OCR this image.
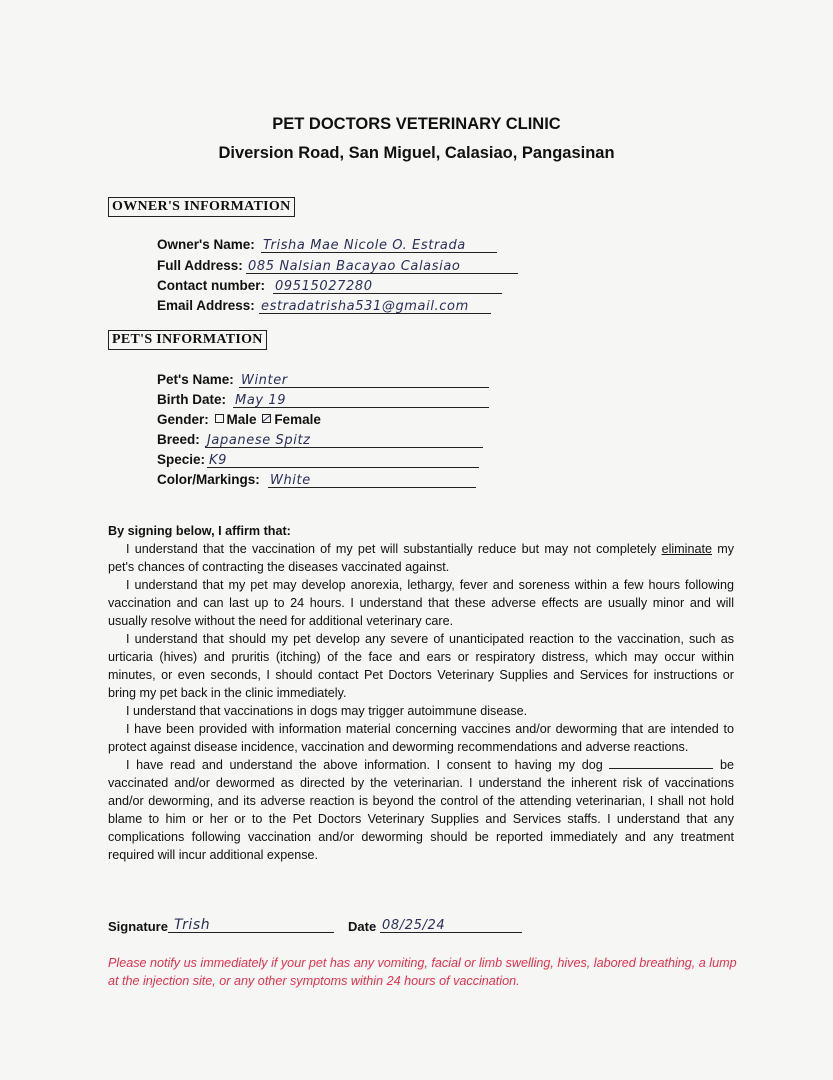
PET DOCTORS VETERINARY CLINIC
Diversion Road, San Miguel, Calasiao, Pangasinan
OWNER'S INFORMATION
Owner's Name: Trisha Mae Nicole O. Estrada
Full Address: 085 Nalsian Bacayao Calasiao
Contact number: 09515027280
Email Address: estradatrisha531@gmail.com
PET'S INFORMATION
Pet's Name: Winter
Birth Date: May 19
Gender: Male Female
Breed: Japanese Spitz
Specie: K9
Color/Markings: White

By signing below, I affirm that:

I understand that the vaccination of my pet will substantially reduce but may not completely eliminate my pet's chances of contracting the diseases vaccinated against.

I understand that my pet may develop anorexia, lethargy, fever and soreness within a few hours following vaccination and can last up to 24 hours. I understand that these adverse effects are usually minor and will usually resolve without the need for additional veterinary care.

I understand that should my pet develop any severe of unanticipated reaction to the vaccination, such as urticaria (hives) and pruritis (itching) of the face and ears or respiratory distress, which may occur within minutes, or even seconds, I should contact Pet Doctors Veterinary Supplies and Services for instructions or bring my pet back in the clinic immediately.

I understand that vaccinations in dogs may trigger autoimmune disease.

I have been provided with information material concerning vaccines and/or deworming that are intended to protect against disease incidence, vaccination and deworming recommendations and adverse reactions.

I have read and understand the above information. I consent to having my dog	be vaccinated and/or dewormed as directed by the veterinarian. I understand the inherent risk of vaccinations and/or deworming, and its adverse reaction is beyond the control of the attending veterinarian, I shall not hold blame to him or her or to the Pet Doctors Veterinary Supplies and Services staffs. I understand that any complications following vaccination and/or deworming should be reported immediately and any treatment required will incur additional expense.

Signature Trish	Date 08/25/24
Please notify us immediately if your pet has any vomiting, facial or limb swelling, hives, labored breathing, a lump at the injection site, or any other symptoms within 24 hours of vaccination.
